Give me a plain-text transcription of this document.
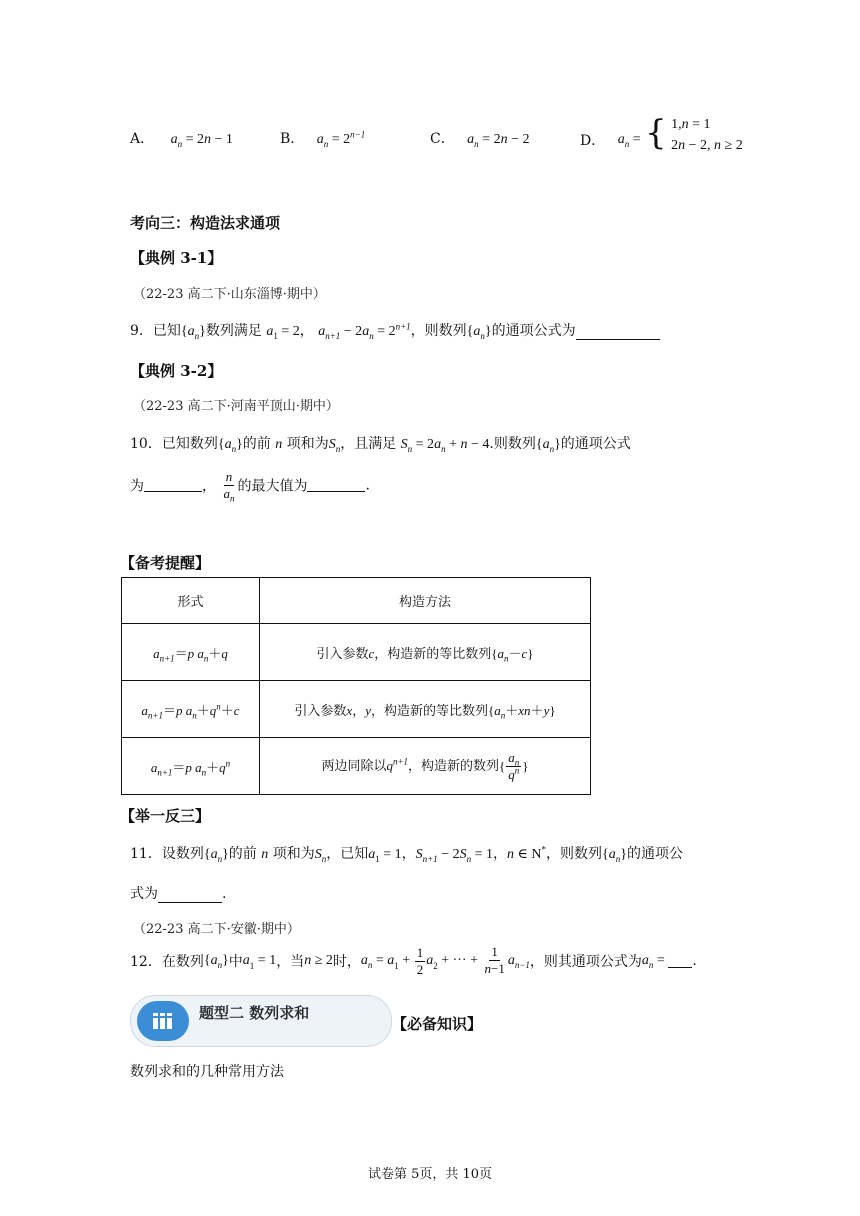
A． $a_n = 2n - 1$	B． $a_n = 2^{n-1}$	C． $a_n = 2n - 2$	D． $a_n$ = { 1,n = 1
2n − 2, n ≥ 2
考向三：构造法求通项
【典例 3-1】
（22-23 高二下·山东淄博·期中）
9．已知$\{a_n\}$数列满足 $a_1 = 2$， $a_{n+1} - 2a_n = 2^{n+1}$，则数列$\{a_n\}$的通项公式为
【典例 3-2】
（22-23 高二下·河南平顶山·期中）
10．已知数列$\{a_n\}$的前 n 项和为$S_n$，且满足 $S_n = 2a_n + n - 4$.则数列$\{a_n\}$的通项公式
为	， $\frac{n}{a_n}$ 的最大值为	.
【备考提醒】
形式	构造方法
$a_{n+1}=p$ $a_n+q$	引入参数c，构造新的等比数列$\{a_n-c\}$
$a_{n+1}=p$ $a_n+q^n+c$	引入参数x，y，构造新的等比数列$\{a_n+xn+y\}$
$a_{n+1}=p$ $a_n+q^n$	两边同除以$q^{n+1}$，构造新的数列{ $\frac{a_n}{q^n}$ }
【举一反三】
11．设数列$\{a_n\}$的前 n 项和为$S_n$，已知$a_1 = 1$，$S_{n+1} - 2S_n = 1$，n ∈ N*，则数列$\{a_n\}$的通项公
式为	.
（22-23 高二下·安徽·期中）
12．在数列$\{a_n\}$中$a_1 = 1$，当n ≥ 2时，$a_n = a_1 + \frac{1}{2} a_2$ + ··· + $\frac{1}{n-1} a_{n-1}$，则其通项公式为$a_n$ = .
题型二 数列求和
【必备知识】
数列求和的几种常用方法
试卷第 5页，共 10页
